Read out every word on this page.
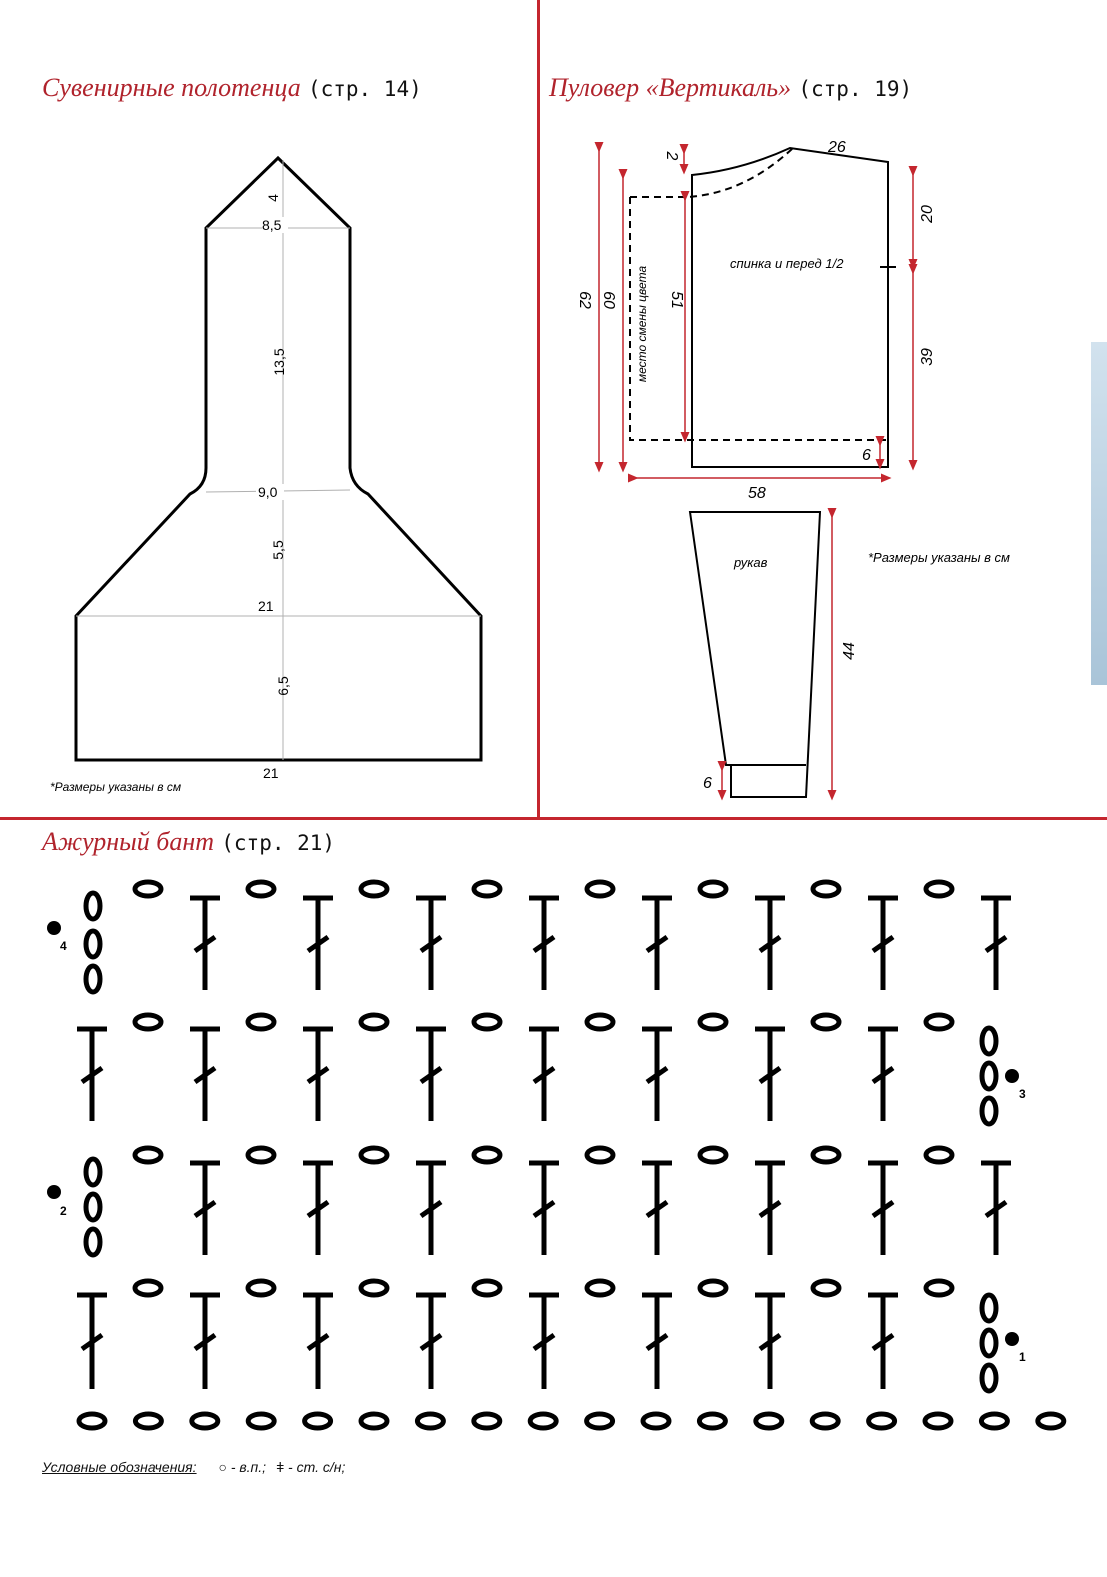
Сувенирные полотенца (стр. 14)	Пуловер «Вертикаль» (стр. 19)
Ажурный бант (стр. 21)
4
8,5
13,5
9,0
5,5
21
6,5
21
*Размеры указаны в см
2	26
20
39
62 60	51
место смены цвета
спинка и перед 1/2
6
58
рукав
44
6
*Размеры указаны в см
4
3
2
1
Условные обозначения: ○ - в.п.; ǂ - ст. с/н;
